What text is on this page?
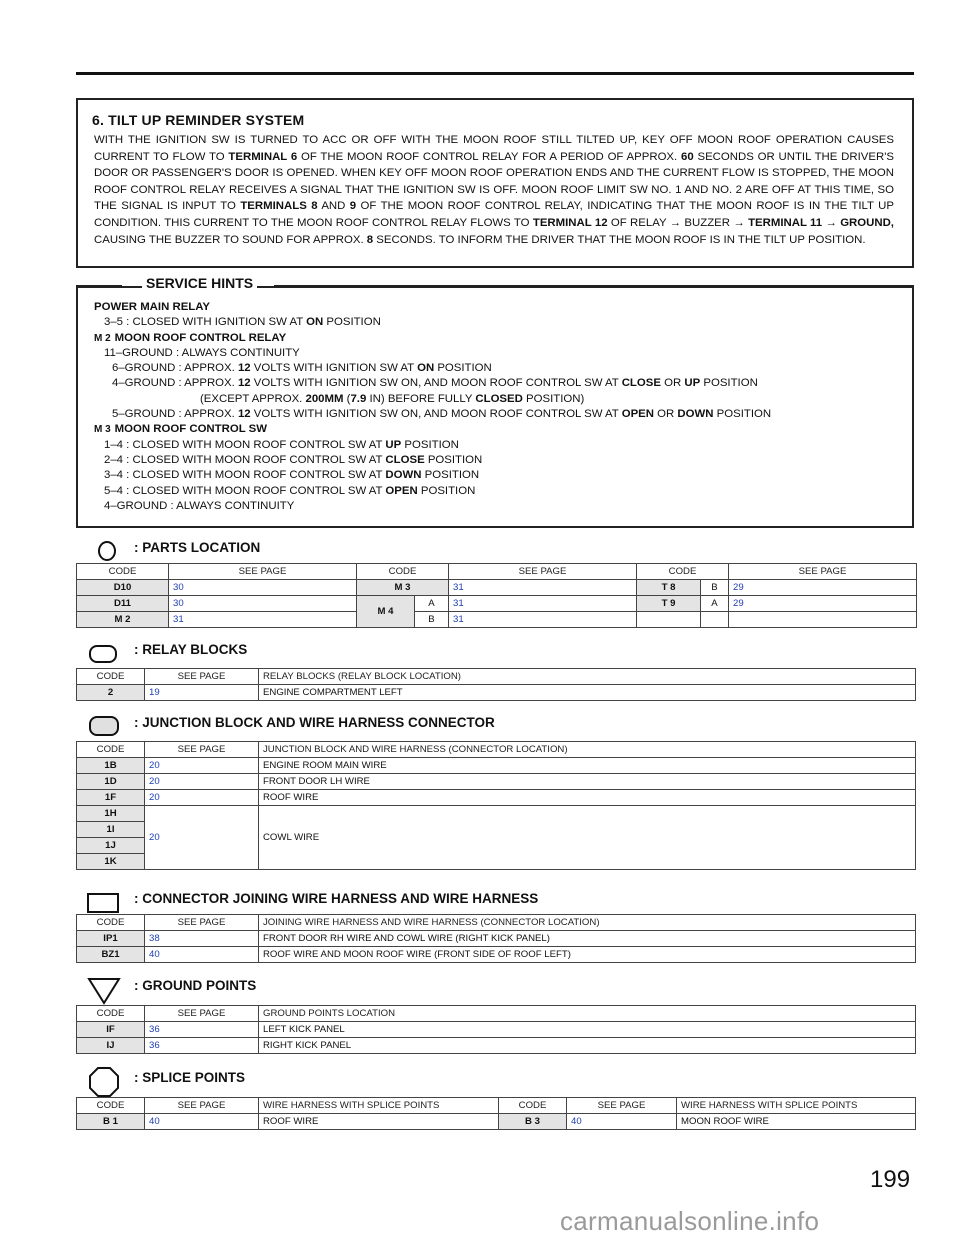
6. TILT UP REMINDER SYSTEM
WITH THE IGNITION SW IS TURNED TO ACC OR OFF WITH THE MOON ROOF STILL TILTED UP, KEY OFF MOON ROOF OPERATION CAUSES CURRENT TO FLOW TO TERMINAL 6 OF THE MOON ROOF CONTROL RELAY FOR A PERIOD OF APPROX. 60 SECONDS OR UNTIL THE DRIVER'S DOOR OR PASSENGER'S DOOR IS OPENED. WHEN KEY OFF MOON ROOF OPERATION ENDS AND THE CURRENT FLOW IS STOPPED, THE MOON ROOF CONTROL RELAY RECEIVES A SIGNAL THAT THE IGNITION SW IS OFF. MOON ROOF LIMIT SW NO. 1 AND NO. 2 ARE OFF AT THIS TIME, SO THE SIGNAL IS INPUT TO TERMINALS 8 AND 9 OF THE MOON ROOF CONTROL RELAY, INDICATING THAT THE MOON ROOF IS IN THE TILT UP CONDITION. THIS CURRENT TO THE MOON ROOF CONTROL RELAY FLOWS TO TERMINAL 12 OF RELAY → BUZZER → TERMINAL 11 → GROUND, CAUSING THE BUZZER TO SOUND FOR APPROX. 8 SECONDS. TO INFORM THE DRIVER THAT THE MOON ROOF IS IN THE TILT UP POSITION.
POWER MAIN RELAY
3–5 : CLOSED WITH IGNITION SW AT ON POSITION
M 2 MOON ROOF CONTROL RELAY
11–GROUND : ALWAYS CONTINUITY
6–GROUND : APPROX. 12 VOLTS WITH IGNITION SW AT ON POSITION
4–GROUND : APPROX. 12 VOLTS WITH IGNITION SW ON, AND MOON ROOF CONTROL SW AT CLOSE OR UP POSITION
(EXCEPT APPROX. 200MM (7.9 IN) BEFORE FULLY CLOSED POSITION)
5–GROUND : APPROX. 12 VOLTS WITH IGNITION SW ON, AND MOON ROOF CONTROL SW AT OPEN OR DOWN POSITION
M 3 MOON ROOF CONTROL SW
1–4 : CLOSED WITH MOON ROOF CONTROL SW AT UP POSITION
2–4 : CLOSED WITH MOON ROOF CONTROL SW AT CLOSE POSITION
3–4 : CLOSED WITH MOON ROOF CONTROL SW AT DOWN POSITION
5–4 : CLOSED WITH MOON ROOF CONTROL SW AT OPEN POSITION
4–GROUND : ALWAYS CONTINUITY
SERVICE HINTS
: PARTS LOCATION
CODE	SEE PAGE	CODE		SEE PAGE	CODE		SEE PAGE
D10	30	M 3		31	T 8	B	29
D11	30	M 4	A	31	T 9	A	29
M 2	31		B	31			
: RELAY BLOCKS
CODE	SEE PAGE	RELAY BLOCKS (RELAY BLOCK LOCATION)
2	19	ENGINE COMPARTMENT LEFT
: JUNCTION BLOCK AND WIRE HARNESS CONNECTOR
CODE	SEE PAGE	JUNCTION BLOCK AND WIRE HARNESS (CONNECTOR LOCATION)
1B	20	ENGINE ROOM MAIN WIRE
1D	20	FRONT DOOR LH WIRE
1F	20	ROOF WIRE
1H	20	COWL WIRE
1I		
1J		
1K		
: CONNECTOR JOINING WIRE HARNESS AND WIRE HARNESS
CODE	SEE PAGE	JOINING WIRE HARNESS AND WIRE HARNESS (CONNECTOR LOCATION)
IP1	38	FRONT DOOR RH WIRE AND COWL WIRE (RIGHT KICK PANEL)
BZ1	40	ROOF WIRE AND MOON ROOF WIRE (FRONT SIDE OF ROOF LEFT)
: GROUND POINTS
CODE	SEE PAGE	GROUND POINTS LOCATION
IF	36	LEFT KICK PANEL
IJ	36	RIGHT KICK PANEL
: SPLICE POINTS
CODE	SEE PAGE	WIRE HARNESS WITH SPLICE POINTS	CODE	SEE PAGE	WIRE HARNESS WITH SPLICE POINTS
B 1	40	ROOF WIRE	B 3	40	MOON ROOF WIRE
199
carmanualsonline.info
